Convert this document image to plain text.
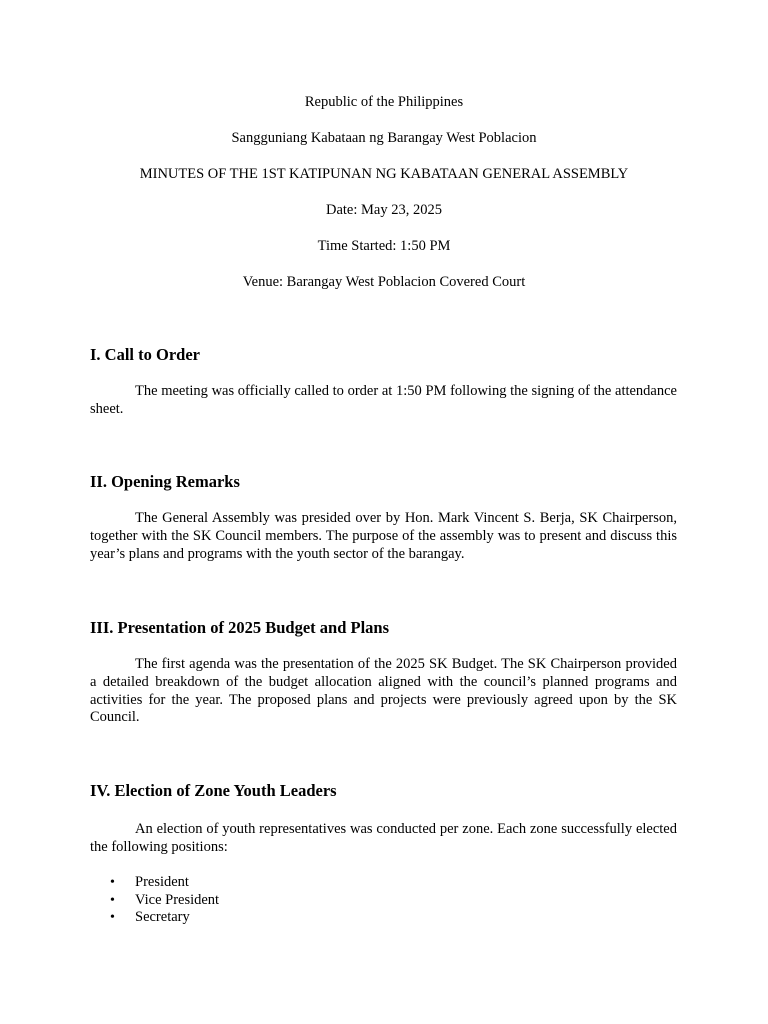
Republic of the Philippines
Sangguniang Kabataan ng Barangay West Poblacion
MINUTES OF THE 1ST KATIPUNAN NG KABATAAN GENERAL ASSEMBLY
Date: May 23, 2025
Time Started: 1:50 PM
Venue: Barangay West Poblacion Covered Court
I. Call to Order

The meeting was officially called to order at 1:50 PM following the signing of the attendance sheet.

II. Opening Remarks

The General Assembly was presided over by Hon. Mark Vincent S. Berja, SK Chairperson, together with the SK Council members. The purpose of the assembly was to present and discuss this year’s plans and programs with the youth sector of the barangay.

III. Presentation of 2025 Budget and Plans

The first agenda was the presentation of the 2025 SK Budget. The SK Chairperson provided a detailed breakdown of the budget allocation aligned with the council’s planned programs and activities for the year. The proposed plans and projects were previously agreed upon by the SK Council.

IV. Election of Zone Youth Leaders

An election of youth representatives was conducted per zone. Each zone successfully elected the following positions:

• President
• Vice President
• Secretary
